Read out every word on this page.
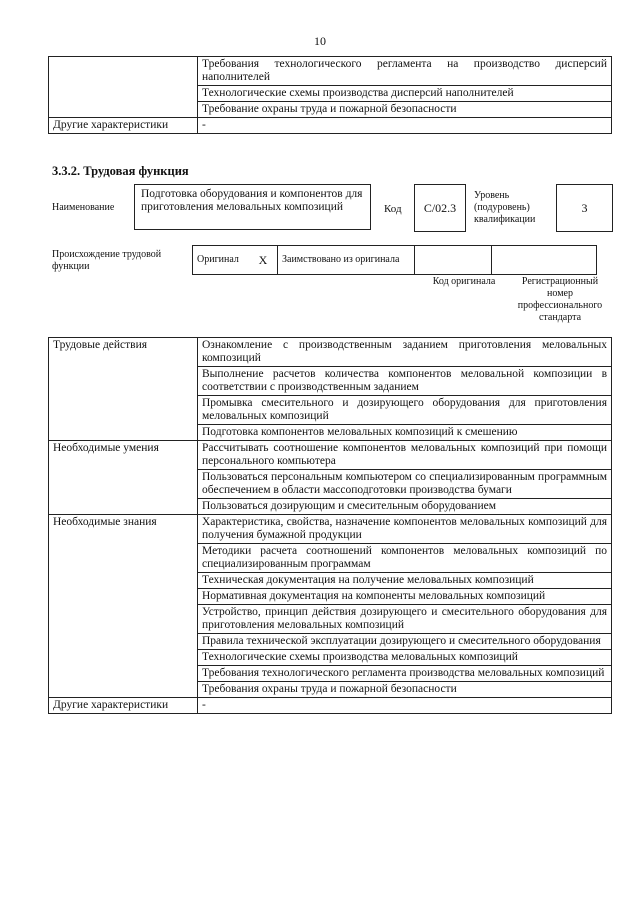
10
	Требования технологического регламента на производство дисперсий наполнителей
	Технологические схемы производства дисперсий наполнителей
	Требование охраны труда и пожарной безопасности
Другие характеристики	-
3.3.2. Трудовая функция
Наименование
Подготовка оборудования и компонентов для приготовления меловальных композиций	Код	C/02.3
Уровень (подуровень) квалификации
3
Происхождение трудовой функции
Оригинал	X	Заимствовано из оригинала		
Код оригинала	Регистрационный номер профессионального стандарта
Трудовые действия	Ознакомление с производственным заданием приготовления меловальных композиций
	Выполнение расчетов количества компонентов меловальной композиции в соответствии с производственным заданием
	Промывка смесительного и дозирующего оборудования для приготовления меловальных композиций
	Подготовка компонентов меловальных композиций к смешению
Необходимые умения	Рассчитывать соотношение компонентов меловальных композиций при помощи персонального компьютера
	Пользоваться персональным компьютером со специализированным программным обеспечением в области массоподготовки производства бумаги
	Пользоваться дозирующим и смесительным оборудованием
Необходимые знания	Характеристика, свойства, назначение компонентов меловальных композиций для получения бумажной продукции
	Методики расчета соотношений компонентов меловальных композиций по специализированным программам
	Техническая документация на получение меловальных композиций
	Нормативная документация на компоненты меловальных композиций
	Устройство, принцип действия дозирующего и смесительного оборудования для приготовления меловальных композиций
	Правила технической эксплуатации дозирующего и смесительного оборудования
	Технологические схемы производства меловальных композиций
	Требования технологического регламента производства меловальных композиций
	Требования охраны труда и пожарной безопасности
Другие характеристики	-
